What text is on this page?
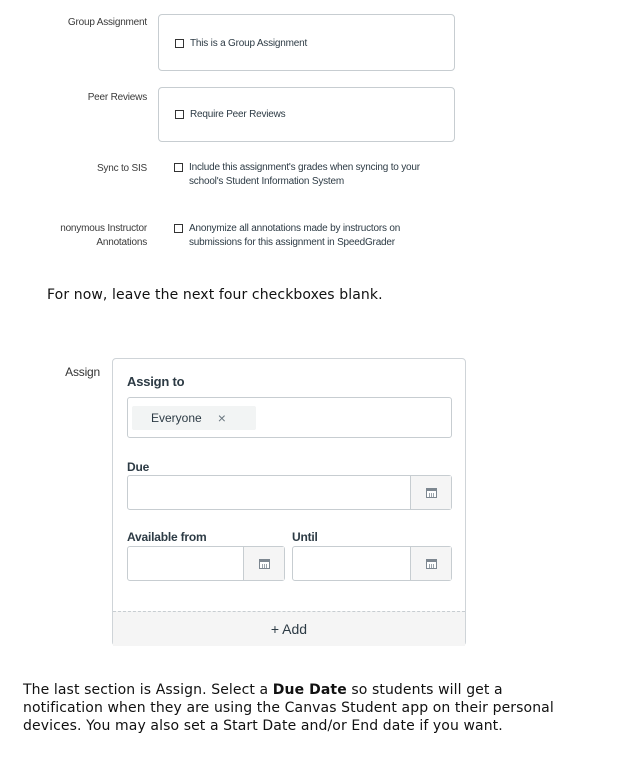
Group Assignment
This is a Group Assignment
Peer Reviews
Require Peer Reviews
Sync to SIS	Include this assignment's grades when syncing to your
school's Student Information System
nonymous Instructor
Annotations
Anonymize all annotations made by instructors on
submissions for this assignment in SpeedGrader
For now, leave the next four checkboxes blank.
Assign
Assign to
Everyone ×
Due
Available from	Until
+ Add
The last section is Assign. Select a Due Date so students will get a
notification when they are using the Canvas Student app on their personal
devices. You may also set a Start Date and/or End date if you want.
